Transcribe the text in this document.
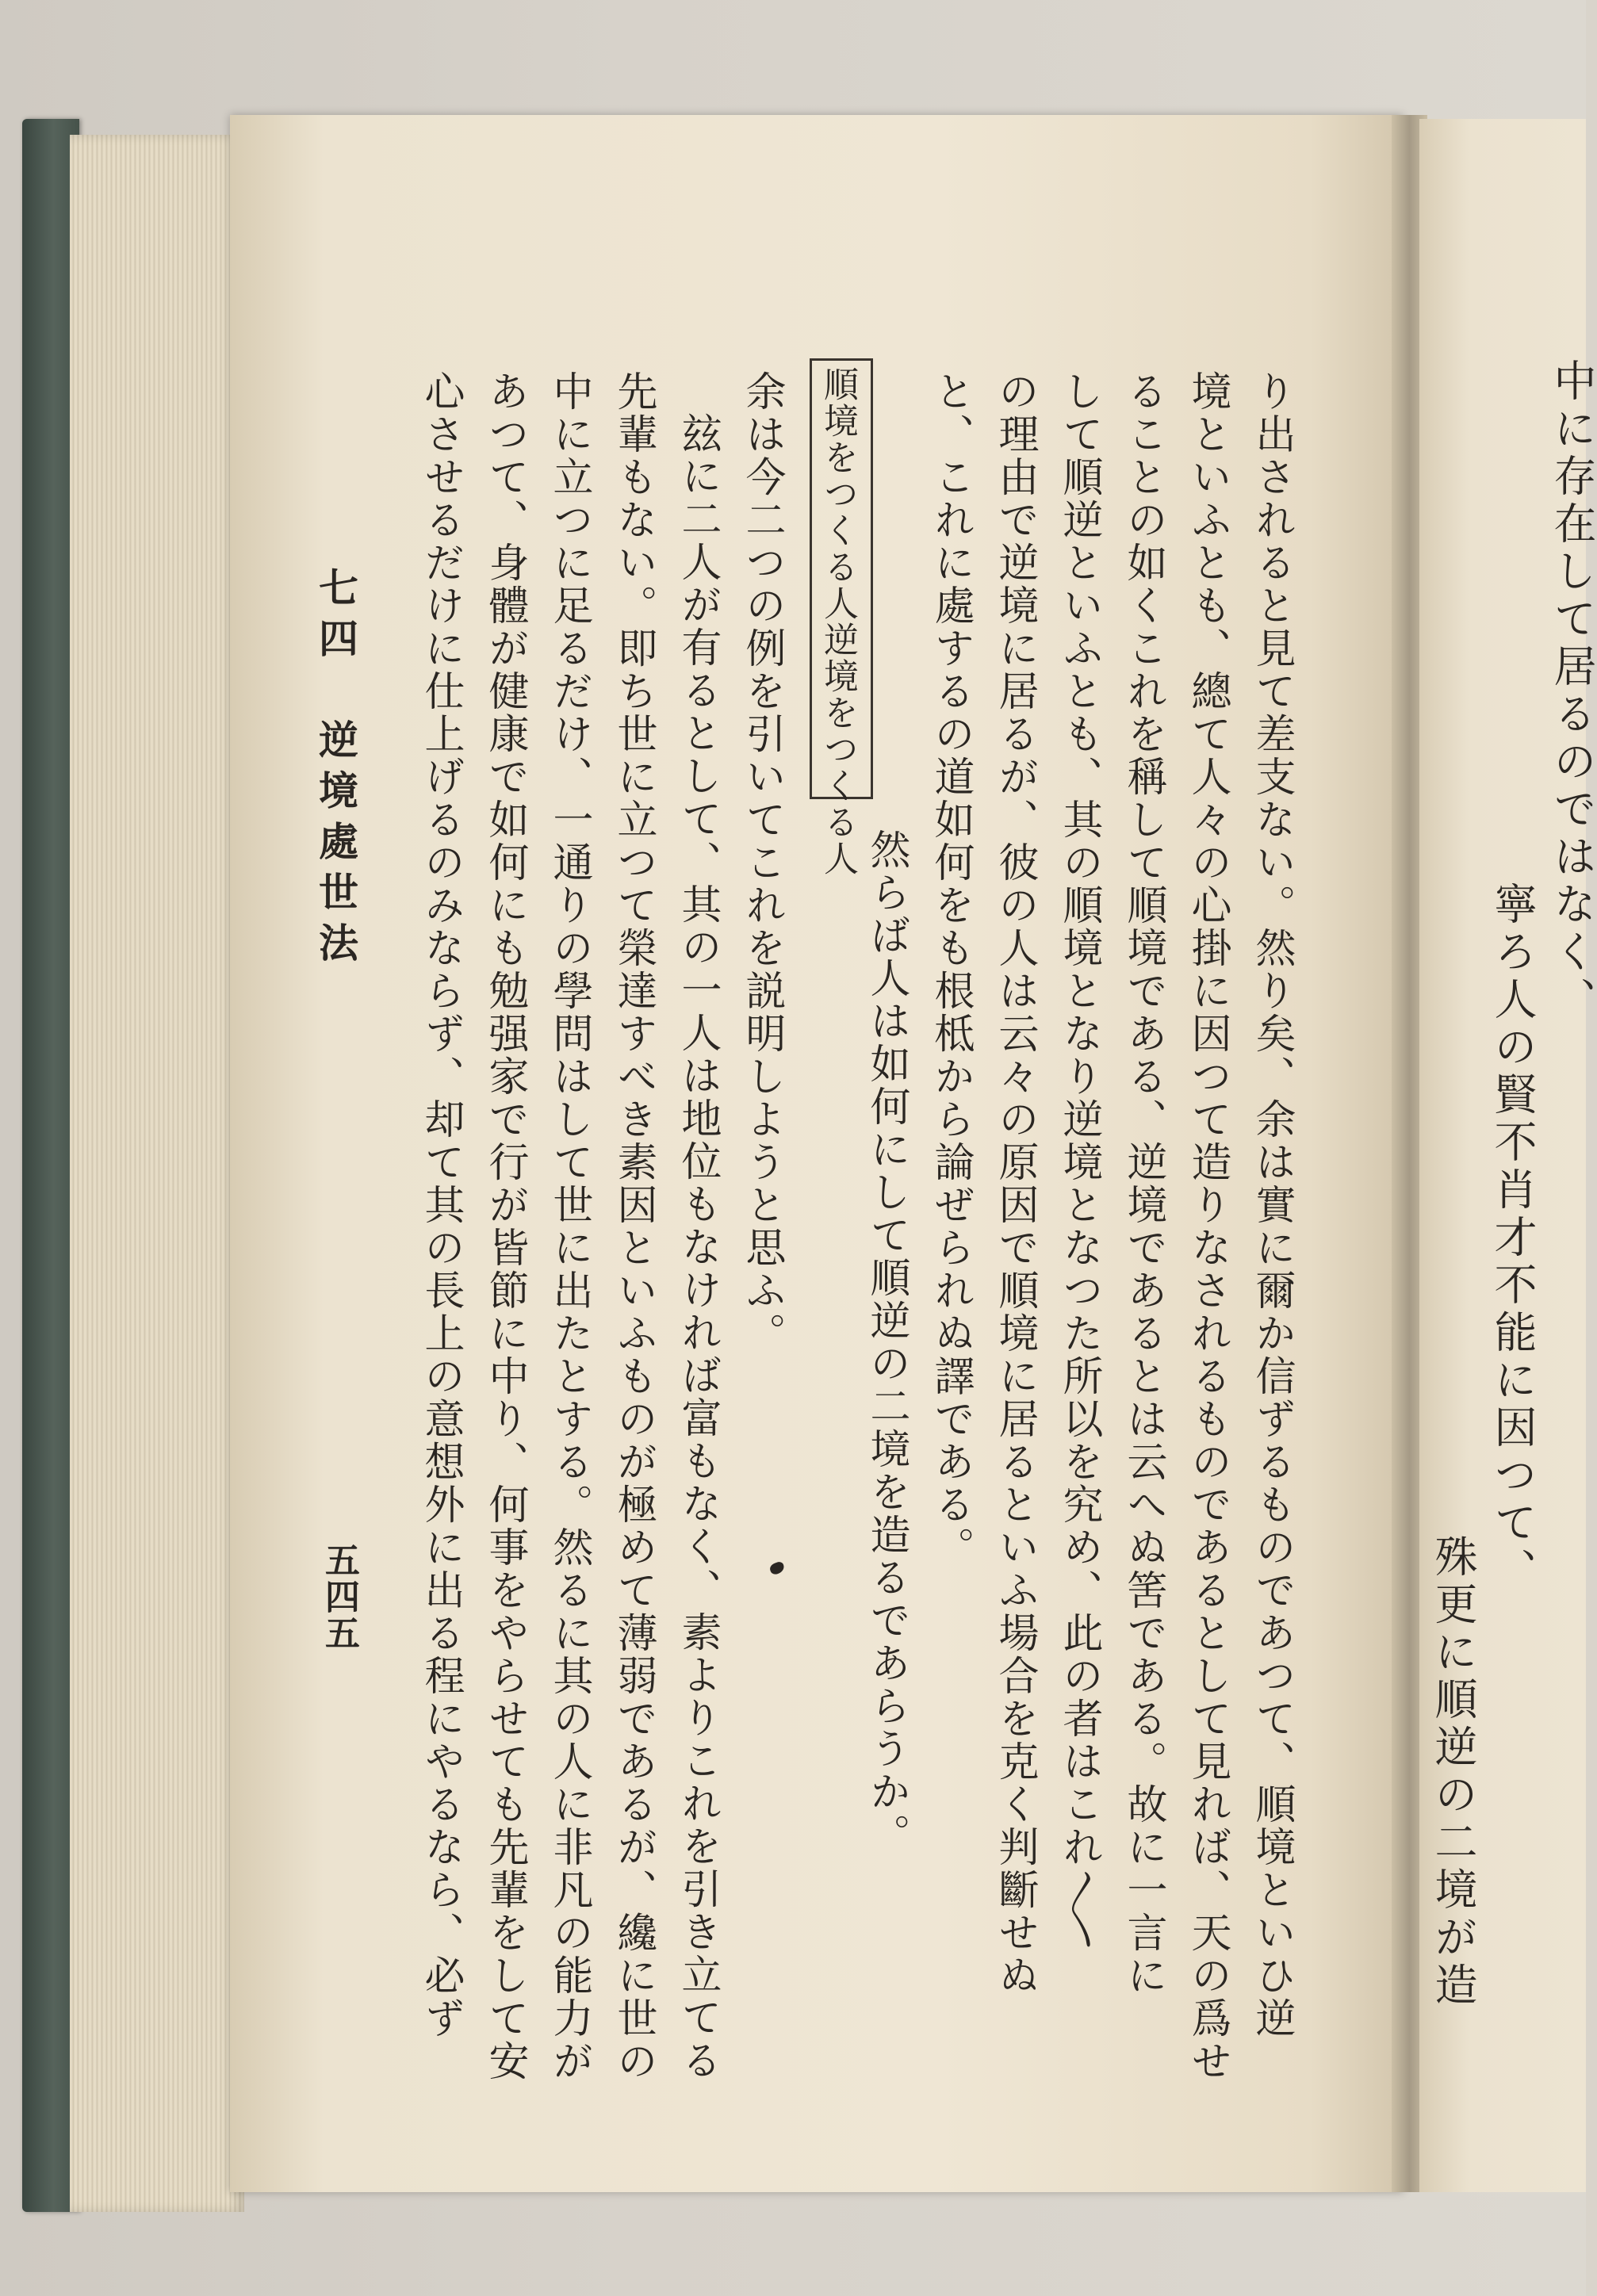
中に存在して居るのではなく、
寧ろ人の賢不肖才不能に因つて、
殊更に順逆の二境が造
り出されると見て差支ない。然り矣、余は實に爾か信ずるものであつて、順境といひ逆
境といふとも、總て人々の心掛に因つて造りなされるものであるとして見れば、天の爲せ
ることの如くこれを稱して順境である、逆境であるとは云へぬ筈である。故に一言に
して順逆といふとも、其の順境となり逆境となつた所以を究め、此の者はこれ〳〵
の理由で逆境に居るが、彼の人は云々の原因で順境に居るといふ場合を克く判斷せぬ
と、これに處するの道如何をも根柢から論ぜられぬ譯である。
然らば人は如何にして順逆の二境を造るであらうか。
順境をつくる人逆境をつくる人
余は今二つの例を引いてこれを説明しようと思ふ。
玆に二人が有るとして、其の一人は地位もなければ富もなく、素よりこれを引き立てる
先輩もない。即ち世に立つて榮達すべき素因といふものが極めて薄弱であるが、纔に世の
中に立つに足るだけ、一通りの學問はして世に出たとする。然るに其の人に非凡の能力が
あつて、身體が健康で如何にも勉强家で行が皆節に中り、何事をやらせても先輩をして安
心させるだけに仕上げるのみならず、却て其の長上の意想外に出る程にやるなら、必ず
七四　逆境處世法
五四五
